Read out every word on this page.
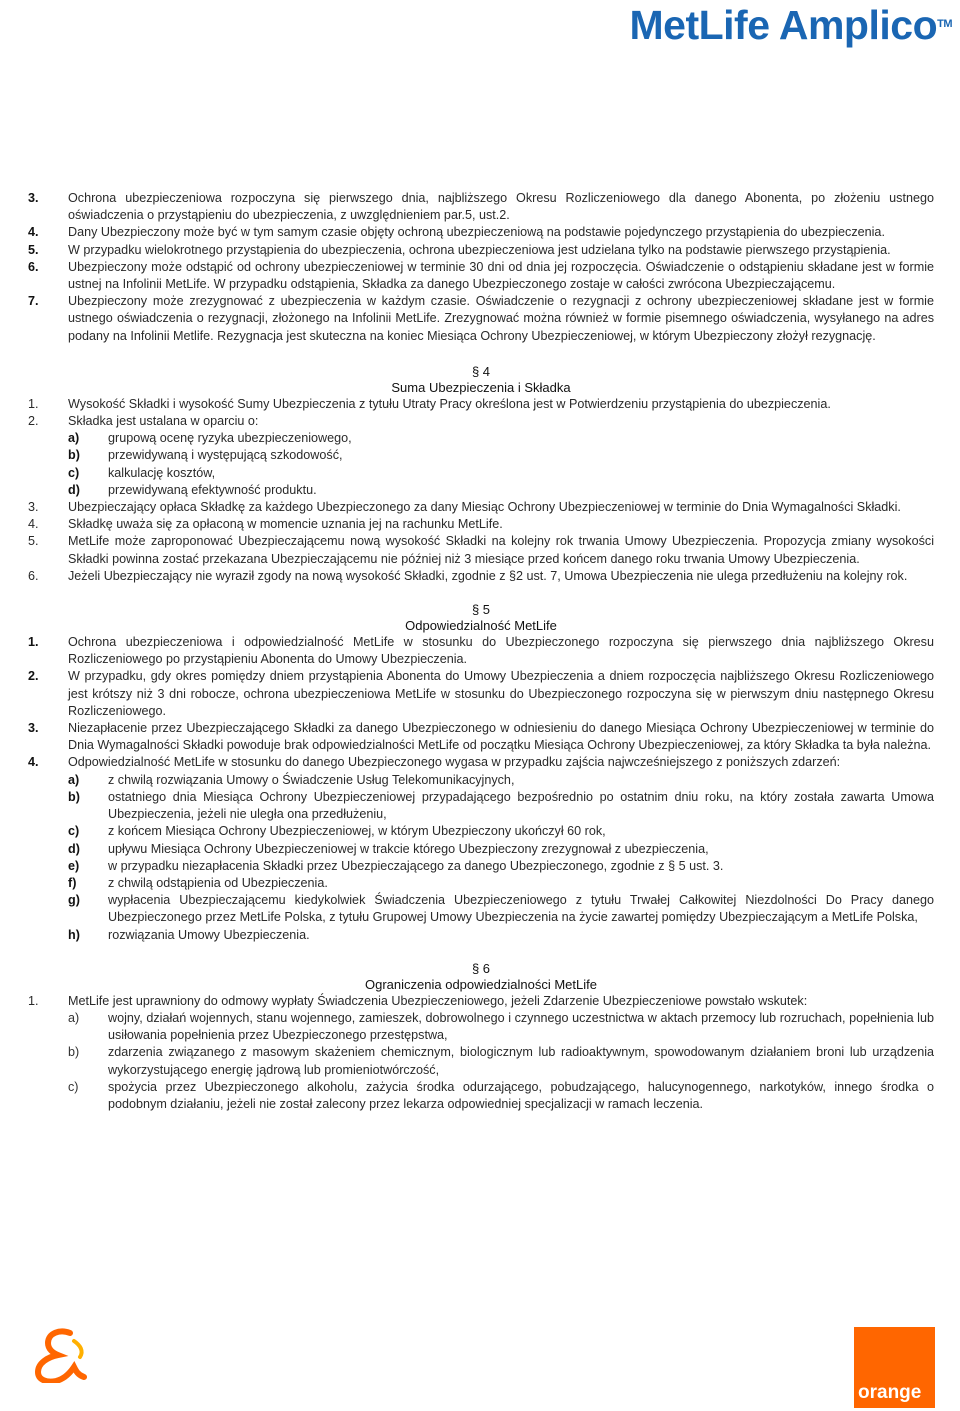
MetLife Amplico™
3.	Ochrona ubezpieczeniowa rozpoczyna się pierwszego dnia, najbliższego Okresu Rozliczeniowego dla danego Abonenta, po złożeniu ustnego oświadczenia o przystąpieniu do ubezpieczenia, z uwzględnieniem par.5, ust.2.
4.	Dany Ubezpieczony może być w tym samym czasie objęty ochroną ubezpieczeniową na podstawie pojedynczego przystąpienia do ubezpieczenia.
5.	W przypadku wielokrotnego przystąpienia do ubezpieczenia, ochrona ubezpieczeniowa jest udzielana tylko na podstawie pierwszego przystąpienia.
6.	Ubezpieczony może odstąpić od ochrony ubezpieczeniowej w terminie 30 dni od dnia jej rozpoczęcia. Oświadczenie o odstąpieniu składane jest w formie ustnej na Infolinii MetLife. W przypadku odstąpienia, Składka za danego Ubezpieczonego zostaje w całości zwrócona Ubezpieczającemu.
7.	Ubezpieczony może zrezygnować z ubezpieczenia w każdym czasie. Oświadczenie o rezygnacji z ochrony ubezpieczeniowej składane jest w formie ustnego oświadczenia o rezygnacji, złożonego na Infolinii MetLife. Zrezygnować można również w formie pisemnego oświadczenia, wysyłanego na adres podany na Infolinii Metlife. Rezygnacja jest skuteczna na koniec Miesiąca Ochrony Ubezpieczeniowej, w którym Ubezpieczony złożył rezygnację.
§ 4
Suma Ubezpieczenia i Składka
1.	Wysokość Składki i wysokość Sumy Ubezpieczenia z tytułu Utraty Pracy określona jest w Potwierdzeniu przystąpienia do ubezpieczenia.
2.	Składka jest ustalana w oparciu o:
a)	grupową ocenę ryzyka ubezpieczeniowego,
b)	przewidywaną i występującą szkodowość,
c)	kalkulację kosztów,
d)	przewidywaną efektywność produktu.
3.	Ubezpieczający opłaca Składkę za każdego Ubezpieczonego za dany Miesiąc Ochrony Ubezpieczeniowej w terminie do Dnia Wymagalności Składki.
4.	Składkę uważa się za opłaconą w momencie uznania jej na rachunku MetLife.
5.	MetLife może zaproponować Ubezpieczającemu nową wysokość Składki na kolejny rok trwania Umowy Ubezpieczenia. Propozycja zmiany wysokości Składki powinna zostać przekazana Ubezpieczającemu nie później niż 3 miesiące przed końcem danego roku trwania Umowy Ubezpieczenia.
6.	Jeżeli Ubezpieczający nie wyraził zgody na nową wysokość Składki, zgodnie z §2 ust. 7, Umowa Ubezpieczenia nie ulega przedłużeniu na kolejny rok.
§ 5
Odpowiedzialność MetLife
1.	Ochrona ubezpieczeniowa i odpowiedzialność MetLife w stosunku do Ubezpieczonego rozpoczyna się pierwszego dnia najbliższego Okresu Rozliczeniowego po przystąpieniu Abonenta do Umowy Ubezpieczenia.
2.	W przypadku, gdy okres pomiędzy dniem przystąpienia Abonenta do Umowy Ubezpieczenia a dniem rozpoczęcia najbliższego Okresu Rozliczeniowego jest krótszy niż 3 dni robocze, ochrona ubezpieczeniowa MetLife w stosunku do Ubezpieczonego rozpoczyna się w pierwszym dniu następnego Okresu Rozliczeniowego.
3.	Niezapłacenie przez Ubezpieczającego Składki za danego Ubezpieczonego w odniesieniu do danego Miesiąca Ochrony Ubezpieczeniowej w terminie do Dnia Wymagalności Składki powoduje brak odpowiedzialności MetLife od początku Miesiąca Ochrony Ubezpieczeniowej, za który Składka ta była należna.
4.	Odpowiedzialność MetLife w stosunku do danego Ubezpieczonego wygasa w przypadku zajścia najwcześniejszego z poniższych zdarzeń:
a)	z chwilą rozwiązania Umowy o Świadczenie Usług Telekomunikacyjnych,
b)	ostatniego dnia Miesiąca Ochrony Ubezpieczeniowej przypadającego bezpośrednio po ostatnim dniu roku, na który została zawarta Umowa Ubezpieczenia, jeżeli nie uległa ona przedłużeniu,
c)	z końcem Miesiąca Ochrony Ubezpieczeniowej, w którym Ubezpieczony ukończył 60 rok,
d)	upływu Miesiąca Ochrony Ubezpieczeniowej w trakcie którego Ubezpieczony zrezygnował z ubezpieczenia,
e)	w przypadku niezapłacenia Składki przez Ubezpieczającego za danego Ubezpieczonego, zgodnie z § 5 ust. 3.
f)	z chwilą odstąpienia od Ubezpieczenia.
g)	wypłacenia Ubezpieczającemu kiedykolwiek Świadczenia Ubezpieczeniowego z tytułu Trwałej Całkowitej Niezdolności Do Pracy danego Ubezpieczonego przez MetLife Polska, z tytułu Grupowej Umowy Ubezpieczenia na życie zawartej pomiędzy Ubezpieczającym a MetLife Polska,
h)	rozwiązania Umowy Ubezpieczenia.
§ 6
Ograniczenia odpowiedzialności MetLife
1.	MetLife jest uprawniony do odmowy wypłaty Świadczenia Ubezpieczeniowego, jeżeli Zdarzenie Ubezpieczeniowe powstało wskutek:
a)	wojny, działań wojennych, stanu wojennego, zamieszek, dobrowolnego i czynnego uczestnictwa w aktach przemocy lub rozruchach, popełnienia lub usiłowania popełnienia przez Ubezpieczonego przestępstwa,
b)	zdarzenia związanego z masowym skażeniem chemicznym, biologicznym lub radioaktywnym, spowodowanym działaniem broni lub urządzenia wykorzystującego energię jądrową lub promieniotwórczość,
c)	spożycia przez Ubezpieczonego alkoholu, zażycia środka odurzającego, pobudzającego, halucynogennego, narkotyków, innego środka o podobnym działaniu, jeżeli nie został zalecony przez lekarza odpowiedniej specjalizacji w ramach leczenia.
orange
